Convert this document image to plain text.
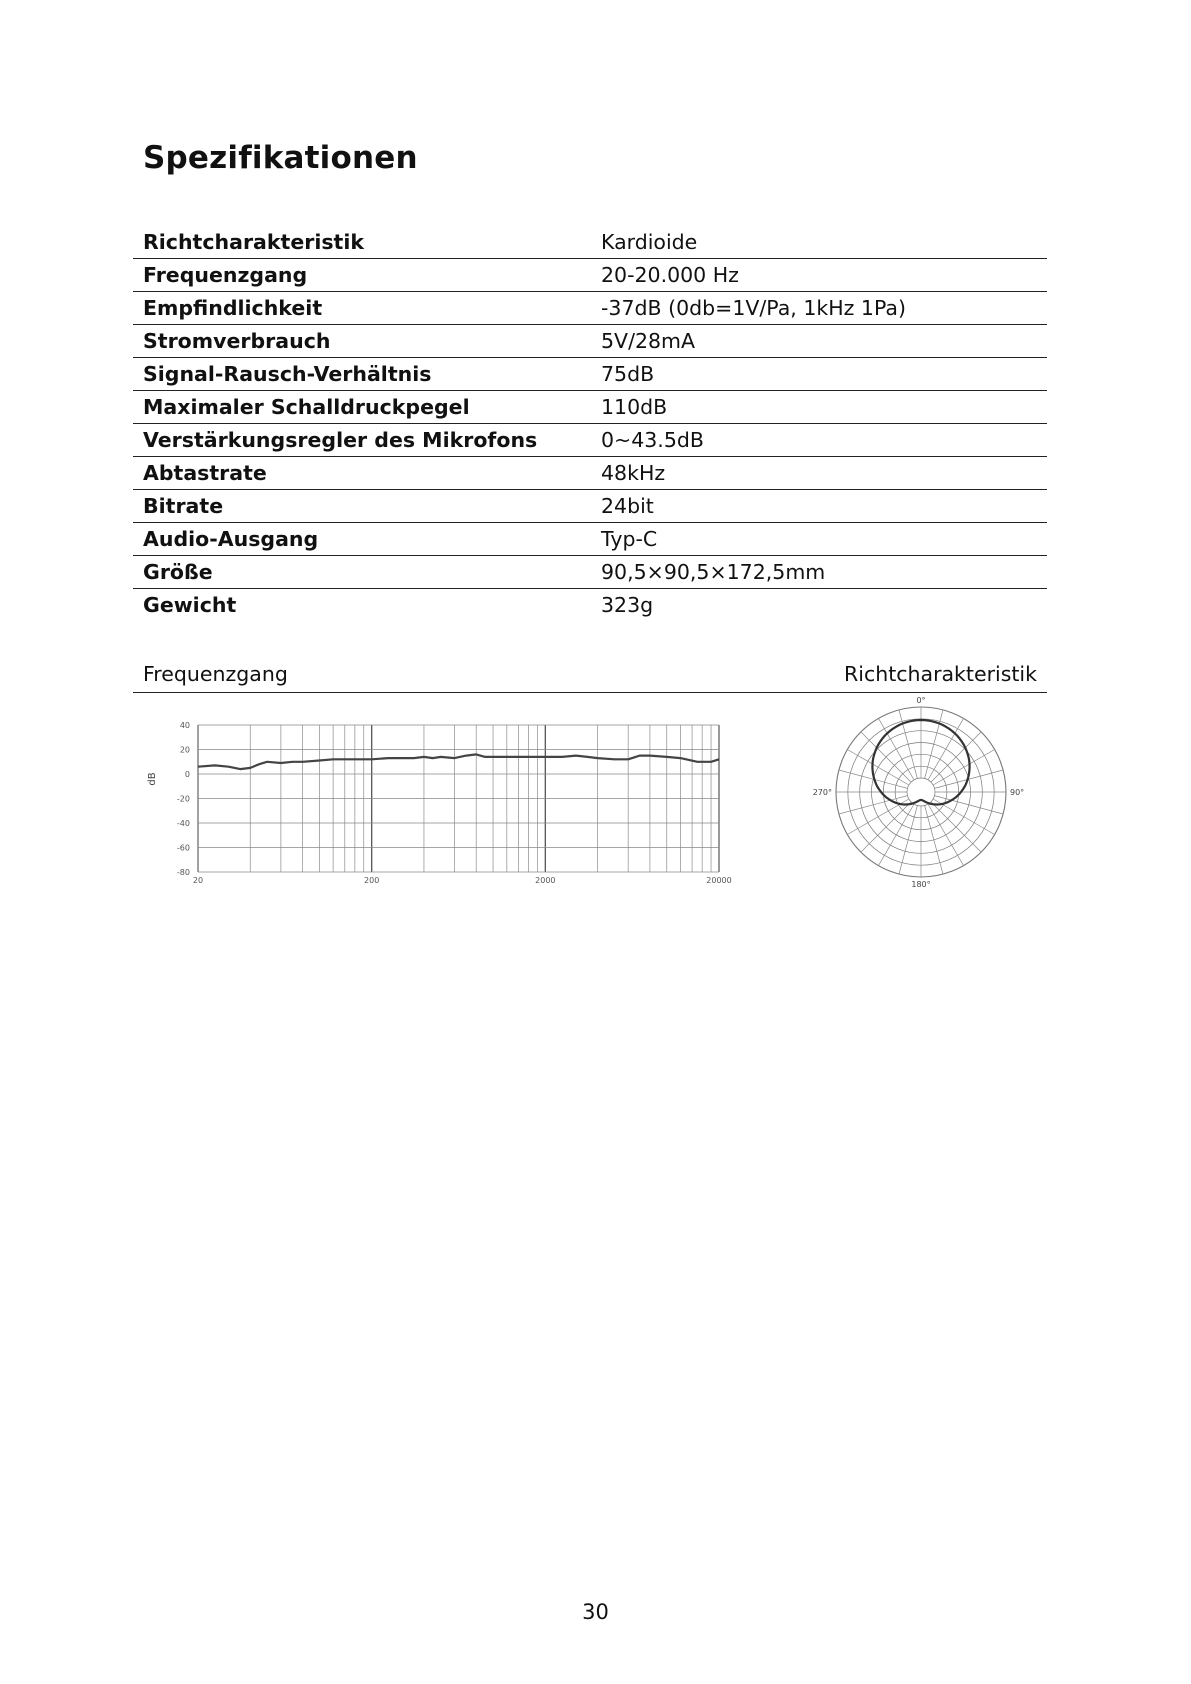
Spezifikationen
Richtcharakteristik	Kardioide
Frequenzgang	20-20.000 Hz
Empfindlichkeit	-37dB (0db=1V/Pa, 1kHz 1Pa)
Stromverbrauch	5V/28mA
Signal-Rausch-Verhältnis	75dB
Maximaler Schalldruckpegel	110dB
Verstärkungsregler des Mikrofons	0~43.5dB
Abtastrate	48kHz
Bitrate	24bit
Audio-Ausgang	Typ-C
Größe	90,5×90,5×172,5mm
Gewicht	323g
Frequenzgang	Richtcharakteristik
40
20
0
-20
-40
-60
-80
20	200	2000	20000
dB
0°
90°
180°
270°
30
